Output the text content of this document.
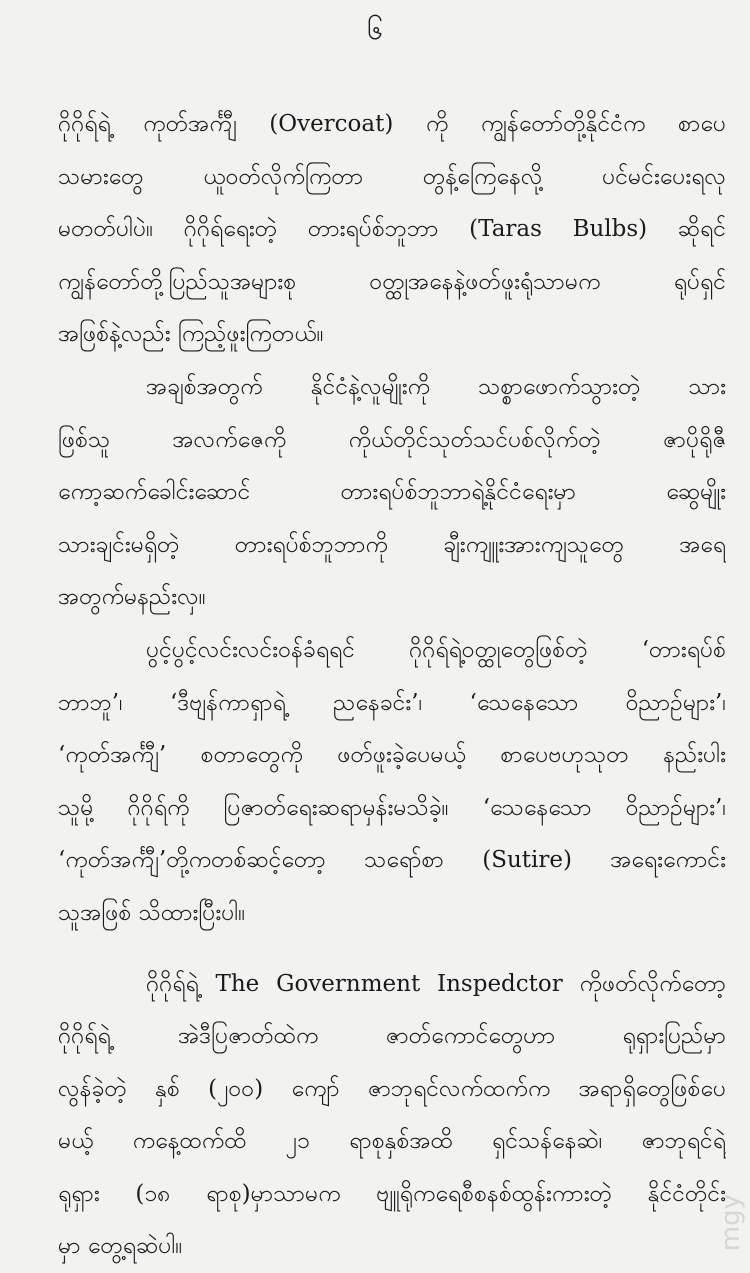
၆
ဂိုဂိုရ်ရဲ့ ကုတ်အင်္ကျီ (Overcoat) ကို ကျွန်တော်တို့နိုင်ငံက စာပေ
သမားတွေ ယူဝတ်လိုက်ကြတာ တွန့်ကြေနေလို့ ပင်မင်းပေးရလု
မတတ်ပါပဲ။ ဂိုဂိုရ်ရေးတဲ့ တားရပ်စ်ဘူဘာ (Taras Bulbs) ဆိုရင်
ကျွန်တော်တို့ပြည်သူအများစု ဝတ္ထုအနေနဲ့ဖတ်ဖူးရုံသာမက ရုပ်ရှင်
အဖြစ်နဲ့လည်း ကြည့်ဖူးကြတယ်။
အချစ်အတွက် နိုင်ငံနဲ့လူမျိုးကို သစ္စာဖောက်သွားတဲ့ သား
ဖြစ်သူ အလက်ဇေကို ကိုယ်တိုင်သုတ်သင်ပစ်လိုက်တဲ့ ဇာပိုရိုဇီ
ကော့ဆက်ခေါင်းဆောင် တားရပ်စ်ဘူဘာရဲ့နိုင်ငံရေးမှာ ဆွေမျိုး
သားချင်းမရှိတဲ့ တားရပ်စ်ဘူဘာကို ချီးကျူးအားကျသူတွေ အရေ
အတွက်မနည်းလှ။
ပွင့်ပွင့်လင်းလင်းဝန်ခံရရင် ဂိုဂိုရ်ရဲ့ဝတ္ထုတွေဖြစ်တဲ့ ‘တားရပ်စ်
ဘာဘူ’၊ ‘ဒီဗျန်ကာရှာရဲ့ ညနေခင်း’၊ ‘သေနေသော ဝိညာဉ်များ’၊
‘ကုတ်အင်္ကျီ’ စတာတွေကို ဖတ်ဖူးခဲ့ပေမယ့် စာပေဗဟုသုတ နည်းပါး
သူမို့ ဂိုဂိုရ်ကို ပြဇာတ်ရေးဆရာမှန်းမသိခဲ့။ ‘သေနေသော ဝိညာဉ်များ’၊
‘ကုတ်အင်္ကျီ’တို့ကတစ်ဆင့်တော့ သရော်စာ (Sutire) အရေးကောင်း
သူအဖြစ် သိထားပြီးပါ။
ဂိုဂိုရ်ရဲ့ The Government Inspedctor ကိုဖတ်လိုက်တော့
ဂိုဂိုရ်ရဲ့ အဲဒီပြဇာတ်ထဲက ဇာတ်ကောင်တွေဟာ ရုရှားပြည်မှာ
လွန်ခဲ့တဲ့ နှစ် (၂၀၀) ကျော် ဇာဘုရင်လက်ထက်က အရာရှိတွေဖြစ်ပေ
မယ့် ကနေ့ထက်ထိ ၂၁ ရာစုနှစ်အထိ ရှင်သန်နေဆဲ၊ ဇာဘုရင်ရဲ့
ရုရှား (၁၈ ရာစု)မှာသာမက ဗျူရိုကရေစီစနစ်ထွန်းကားတဲ့ နိုင်ငံတိုင်း
မှာ တွေ့ရဆဲပါ။	mgy
